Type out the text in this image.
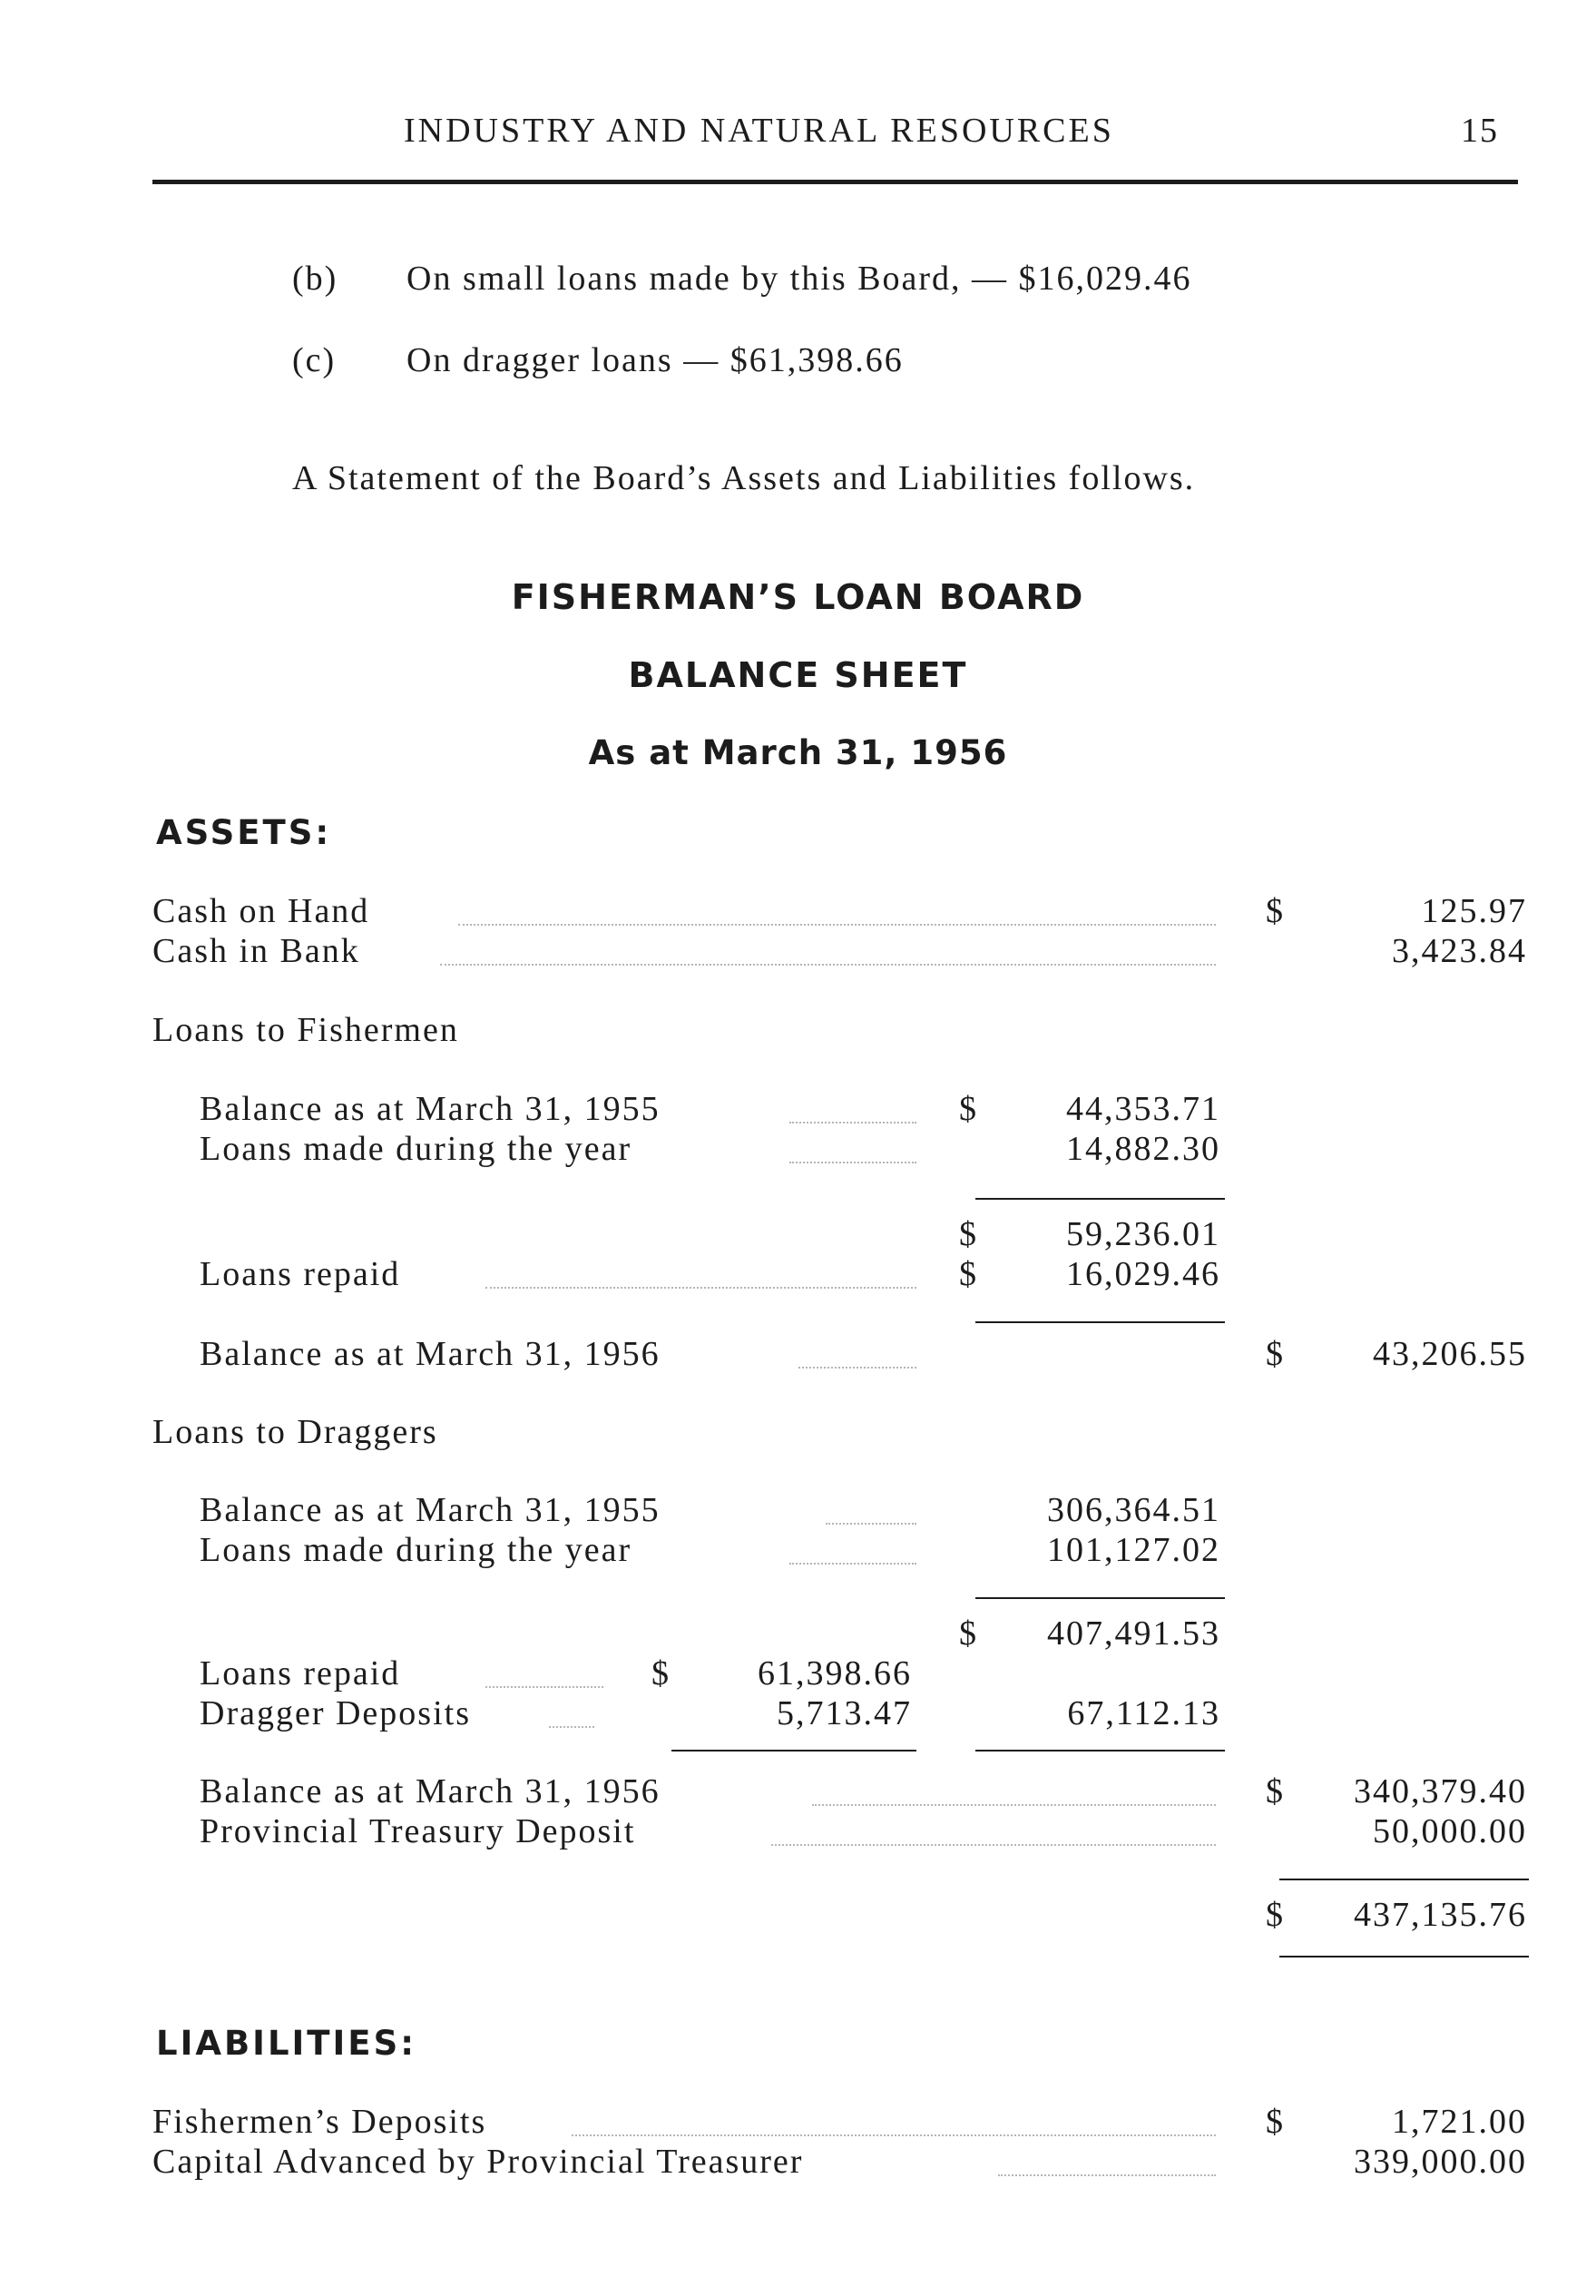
INDUSTRY AND NATURAL RESOURCES	15
(b) On small loans made by this Board, — $16,029.46
(c) On dragger loans — $61,398.66
A Statement of the Board’s Assets and Liabilities follows.
FISHERMAN’S LOAN BOARD
BALANCE SHEET
As at March 31, 1956
ASSETS:
Cash on Hand	$	125.97
Cash in Bank	3,423.84
Loans to Fishermen
Balance as at March 31, 1955	$	44,353.71
Loans made during the year	14,882.30
$	59,236.01
Loans repaid	$	16,029.46
Balance as at March 31, 1956	$	43,206.55
Loans to Draggers
Balance as at March 31, 1955	306,364.51
Loans made during the year	101,127.02
$	407,491.53
Loans repaid	$	61,398.66
Dragger Deposits	5,713.47	67,112.13
Balance as at March 31, 1956	$	340,379.40
Provincial Treasury Deposit	50,000.00
$	437,135.76
LIABILITIES:
Fishermen’s Deposits	$	1,721.00
Capital Advanced by Provincial Treasurer	339,000.00
